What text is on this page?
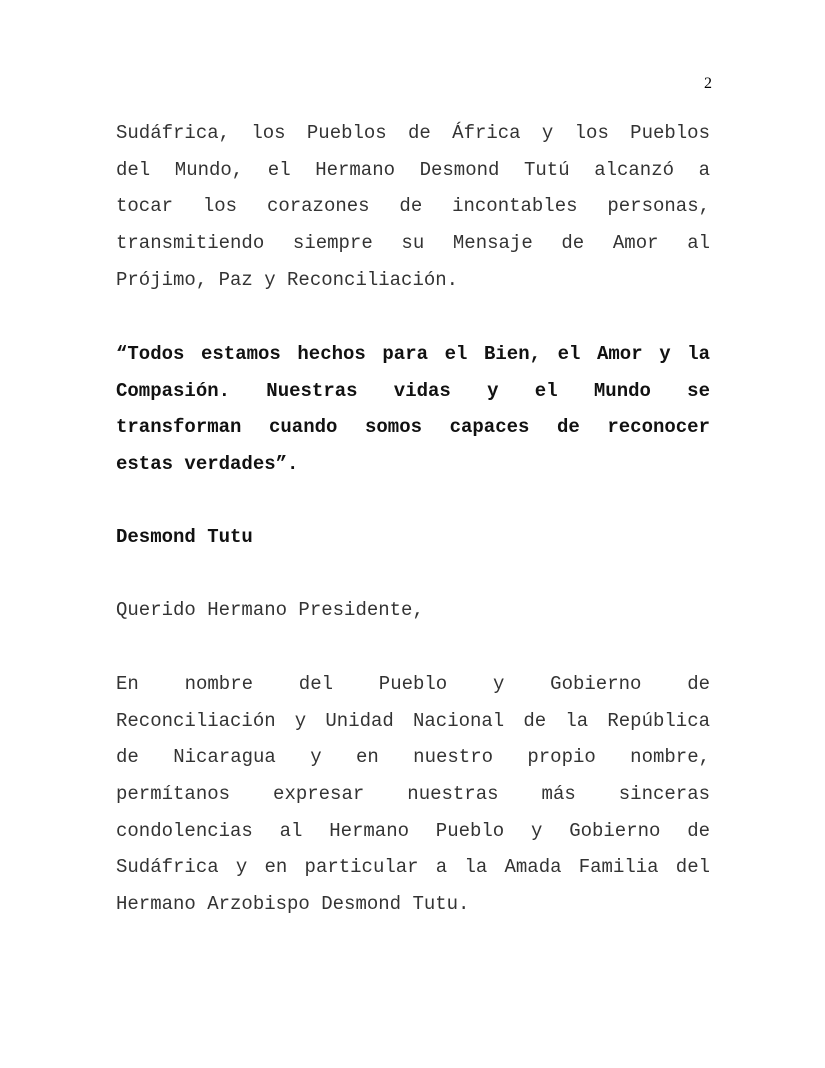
2
Sudáfrica, los Pueblos de África y los Pueblos
del Mundo, el Hermano Desmond Tutú alcanzó a
tocar los corazones de incontables personas,
transmitiendo siempre su Mensaje de Amor al
Prójimo, Paz y Reconciliación.
“Todos estamos hechos para el Bien, el Amor y la
Compasión. Nuestras vidas y el Mundo se
transforman cuando somos capaces de reconocer
estas verdades”.
Desmond Tutu
Querido Hermano Presidente,
En nombre del Pueblo y Gobierno de
Reconciliación y Unidad Nacional de la República
de Nicaragua y en nuestro propio nombre,
permítanos expresar nuestras más sinceras
condolencias al Hermano Pueblo y Gobierno de
Sudáfrica y en particular a la Amada Familia del
Hermano Arzobispo Desmond Tutu.
